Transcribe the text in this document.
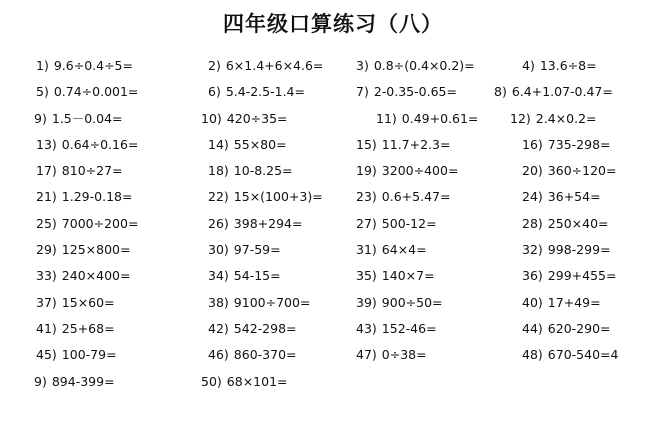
四年级口算练习（八）
1) 9.6÷0.4÷5=	2) 6×1.4+6×4.6=	3) 0.8÷(0.4×0.2)=	4) 13.6÷8=
5) 0.74÷0.001=	6) 5.4-2.5-1.4=	7) 2-0.35-0.65=	8) 6.4+1.07-0.47=
9) 1.5－0.04=	10) 420÷35=	11) 0.49+0.61=	12) 2.4×0.2=
13) 0.64÷0.16=	14) 55×80=	15) 11.7+2.3=	16) 735-298=
17) 810÷27=	18) 10-8.25=	19) 3200÷400=	20) 360÷120=
21) 1.29-0.18=	22) 15×(100+3)=	23) 0.6+5.47=	24) 36+54=
25) 7000÷200=	26) 398+294=	27) 500-12=	28) 250×40=
29) 125×800=	30) 97-59=	31) 64×4=	32) 998-299=
33) 240×400=	34) 54-15=	35) 140×7=	36) 299+455=
37) 15×60=	38) 9100÷700=	39) 900÷50=	40) 17+49=
41) 25+68=	42) 542-298=	43) 152-46=	44) 620-290=
45) 100-79=	46) 860-370=	47) 0÷38=	48) 670-540=4
9) 894-399=	50) 68×101=
